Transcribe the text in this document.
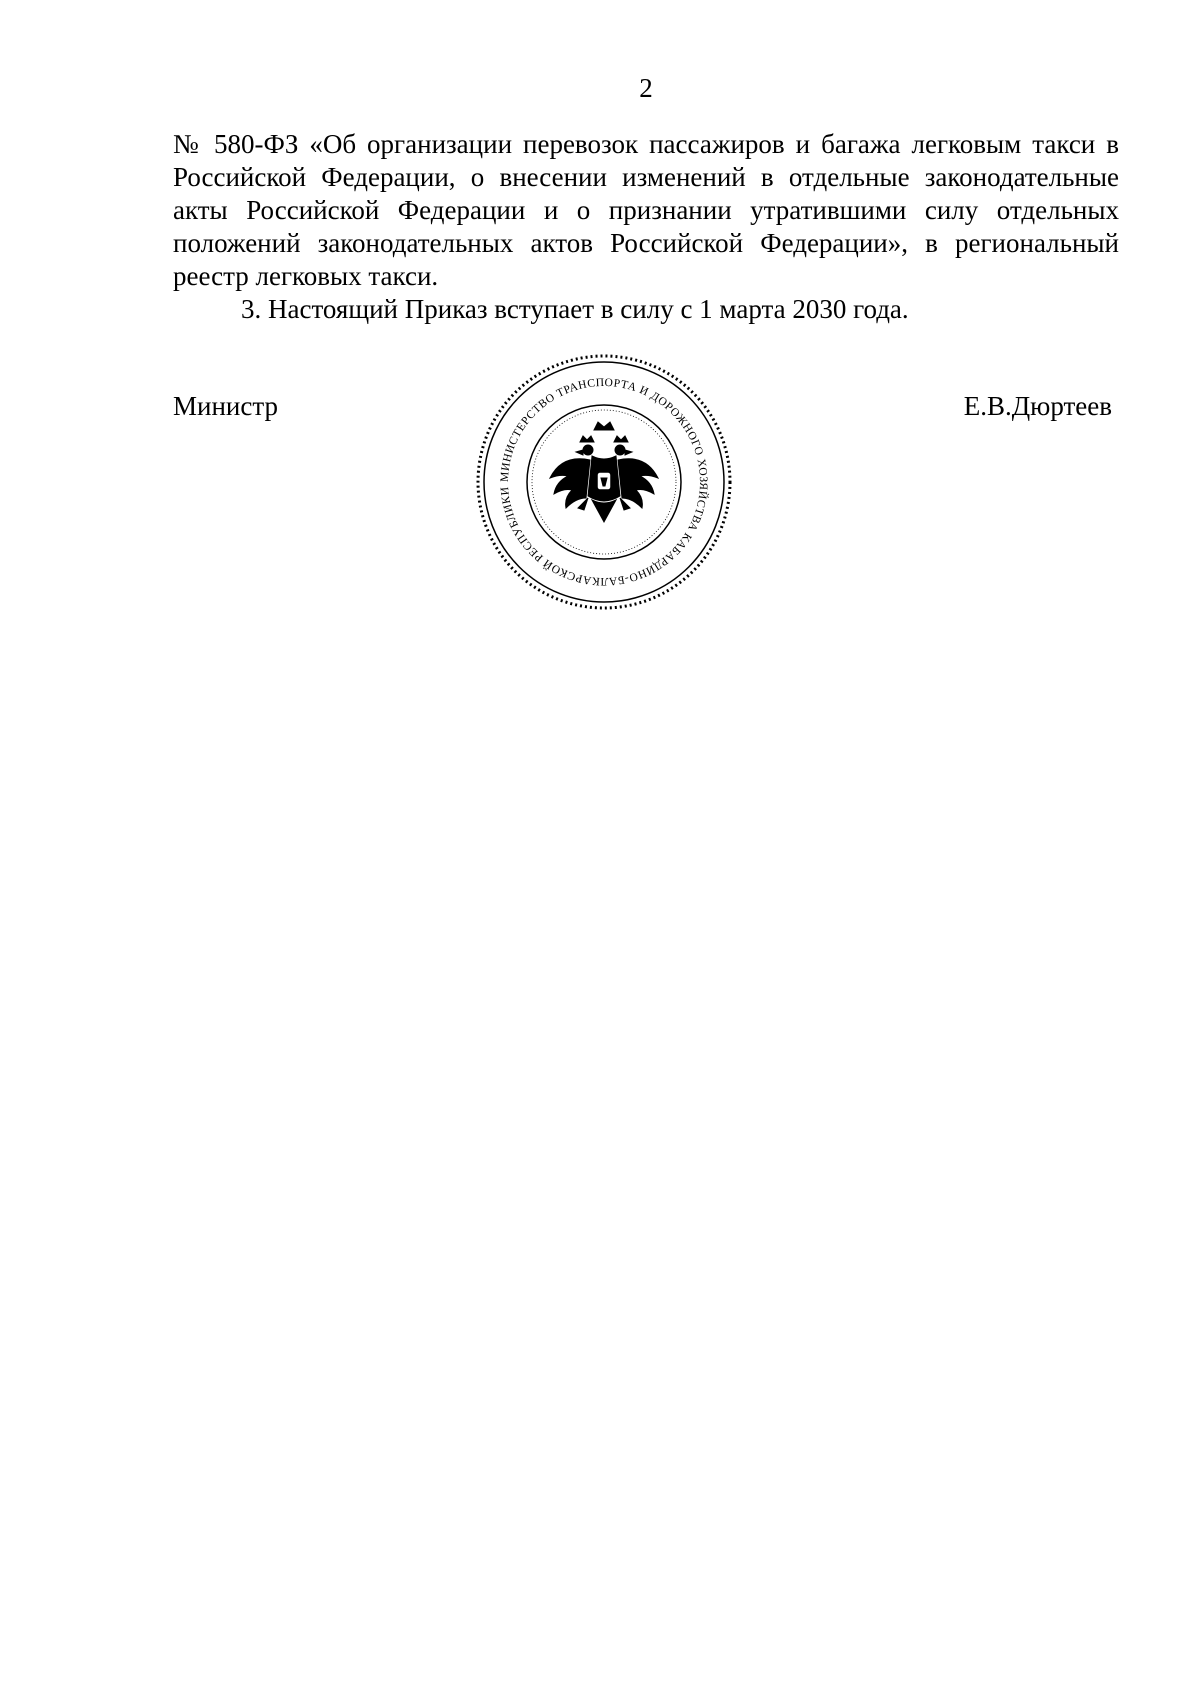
2

№ 580-ФЗ «Об организации перевозок пассажиров и багажа легковым такси в Российской Федерации, о внесении изменений в отдельные законодательные акты Российской Федерации и о признании утратившими силу отдельных положений законодательных актов Российской Федерации», в региональный реестр легковых такси.

3. Настоящий Приказ вступает в силу с 1 марта 2030 года.

Министр

МИНИСТЕРСТВО ТРАНСПОРТА И ДОРОЖНОГО ХОЗЯЙСТВА КАБАРДИНО-БАЛКАРСКОЙ РЕСПУБЛИКИ

Е.В.Дюртеев
